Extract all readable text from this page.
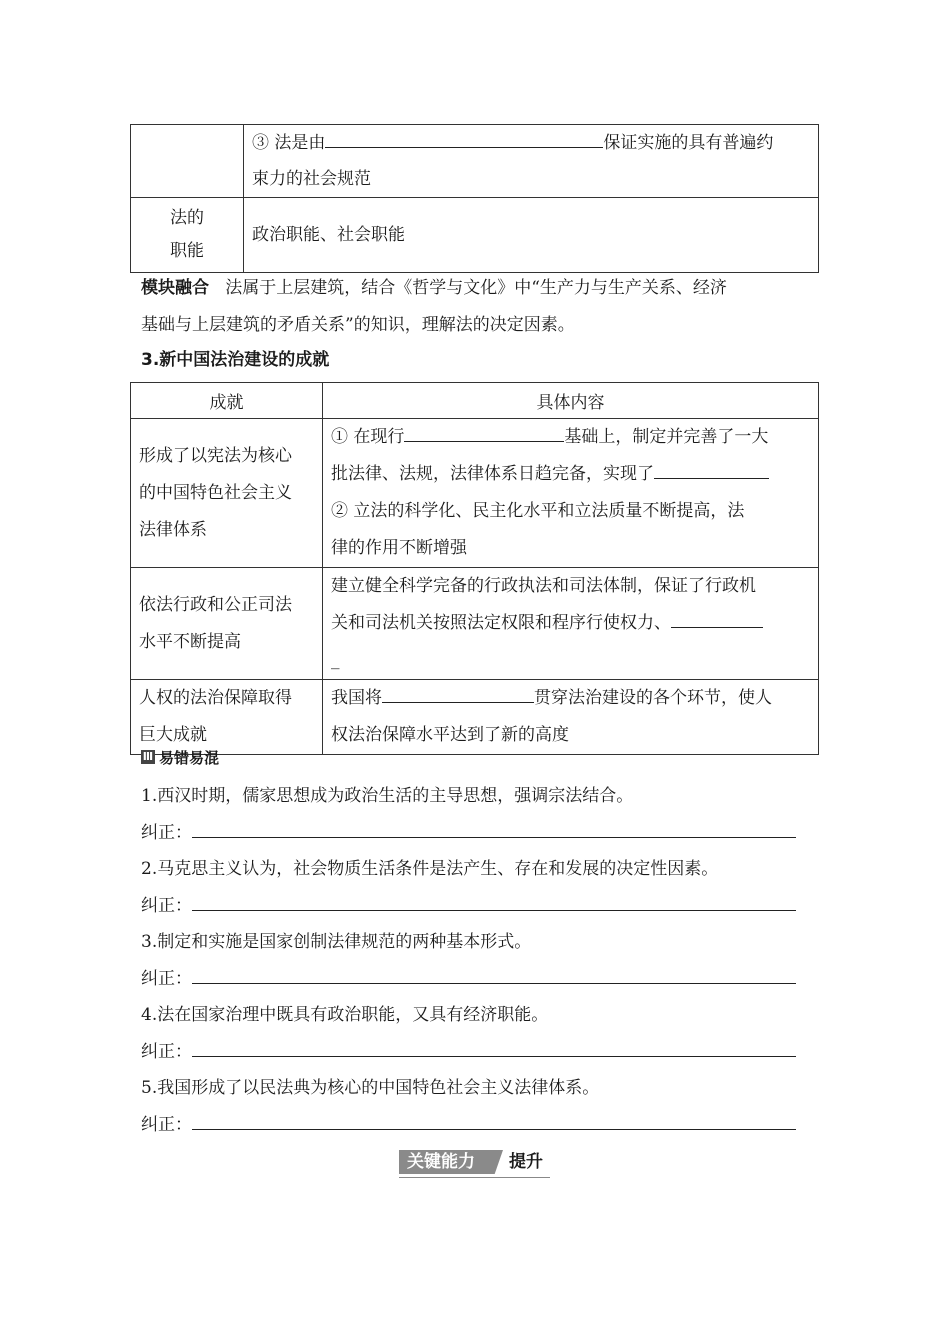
	③ 法是由 保证实施的具有普遍约
束力的社会规范
法的
职能	政治职能、社会职能
模块融合 法属于上层建筑，结合《哲学与文化》中“生产力与生产关系、经济
基础与上层建筑的矛盾关系”的知识，理解法的决定因素。
3.新中国法治建设的成就
成就	具体内容
形成了以宪法为核心
的中国特色社会主义
法律体系	① 在现行 基础上，制定并完善了一大
批法律、法规，法律体系日趋完备，实现了
② 立法的科学化、民主化水平和立法质量不断提高，法
律的作用不断增强
依法行政和公正司法
水平不断提高	建立健全科学完备的行政执法和司法体制，保证了行政机
关和司法机关按照法定权限和程序行使权力、
_
人权的法治保障取得
巨大成就	我国将 贯穿法治建设的各个环节，使人
权法治保障水平达到了新的高度
Ⅲ 易错易混
1.西汉时期，儒家思想成为政治生活的主导思想，强调宗法结合。
纠正：
2.马克思主义认为，社会物质生活条件是法产生、存在和发展的决定性因素。
纠正：
3.制定和实施是国家创制法律规范的两种基本形式。
纠正：
4.法在国家治理中既具有政治职能，又具有经济职能。
纠正：
5.我国形成了以民法典为核心的中国特色社会主义法律体系。
纠正：
关键能力 提升
